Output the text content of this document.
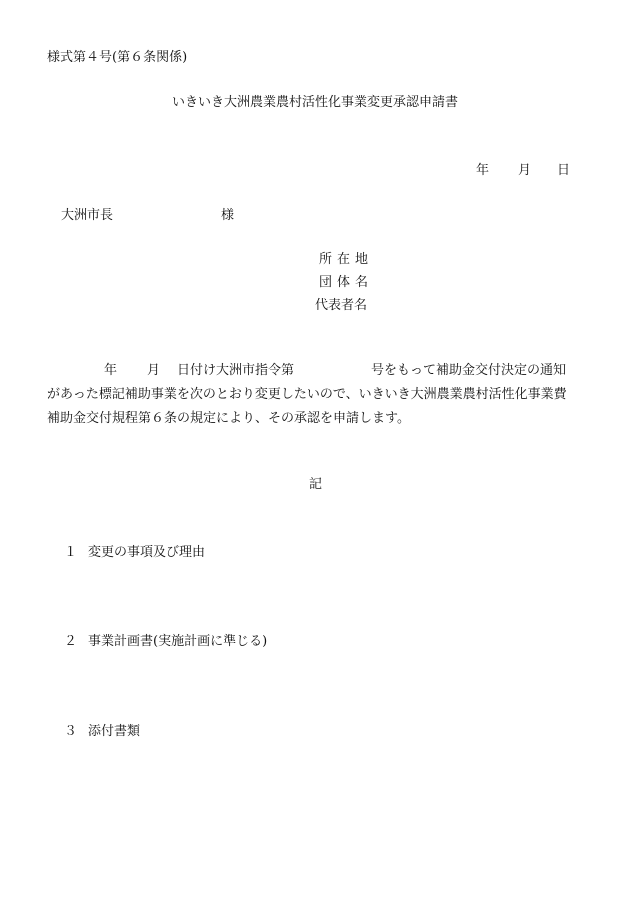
様式第４号(第６条関係)
いきいき大洲農業農村活性化事業変更承認申請書
年 月 日
大洲市長	様
所在地
団体名
代表者名
年 月 日付け大洲市指令第	号をもって補助金交付決定の通知
があった標記補助事業を次のとおり変更したいので、いきいき大洲農業農村活性化事業費
補助金交付規程第６条の規定により、その承認を申請します。
記
１ 変更の事項及び理由
２ 事業計画書(実施計画に準じる)
３ 添付書類
